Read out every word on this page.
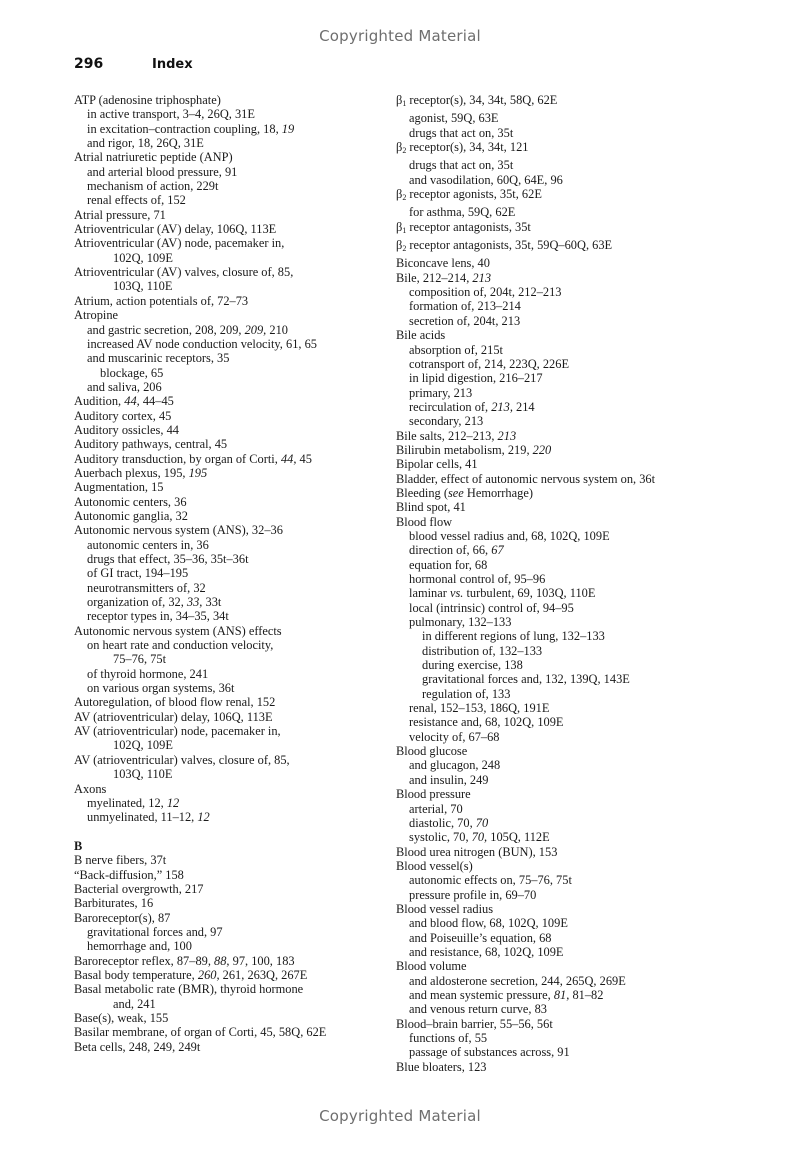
Copyrighted Material
296	Index
ATP (adenosine triphosphate)
in active transport, 3–4, 26Q, 31E
in excitation–contraction coupling, 18, 19
and rigor, 18, 26Q, 31E
Atrial natriuretic peptide (ANP)
and arterial blood pressure, 91
mechanism of action, 229t
renal effects of, 152
Atrial pressure, 71
Atrioventricular (AV) delay, 106Q, 113E
Atrioventricular (AV) node, pacemaker in,
102Q, 109E
Atrioventricular (AV) valves, closure of, 85,
103Q, 110E
Atrium, action potentials of, 72–73
Atropine
and gastric secretion, 208, 209, 209, 210
increased AV node conduction velocity, 61, 65
and muscarinic receptors, 35
blockage, 65
and saliva, 206
Audition, 44, 44–45
Auditory cortex, 45
Auditory ossicles, 44
Auditory pathways, central, 45
Auditory transduction, by organ of Corti, 44, 45
Auerbach plexus, 195, 195
Augmentation, 15
Autonomic centers, 36
Autonomic ganglia, 32
Autonomic nervous system (ANS), 32–36
autonomic centers in, 36
drugs that effect, 35–36, 35t–36t
of GI tract, 194–195
neurotransmitters of, 32
organization of, 32, 33, 33t
receptor types in, 34–35, 34t
Autonomic nervous system (ANS) effects
on heart rate and conduction velocity,
75–76, 75t
of thyroid hormone, 241
on various organ systems, 36t
Autoregulation, of blood flow renal, 152
AV (atrioventricular) delay, 106Q, 113E
AV (atrioventricular) node, pacemaker in,
102Q, 109E
AV (atrioventricular) valves, closure of, 85,
103Q, 110E
Axons
myelinated, 12, 12
unmyelinated, 11–12, 12
B
B nerve fibers, 37t
“Back-diffusion,” 158
Bacterial overgrowth, 217
Barbiturates, 16
Baroreceptor(s), 87
gravitational forces and, 97
hemorrhage and, 100
Baroreceptor reflex, 87–89, 88, 97, 100, 183
Basal body temperature, 260, 261, 263Q, 267E
Basal metabolic rate (BMR), thyroid hormone
and, 241
Base(s), weak, 155
Basilar membrane, of organ of Corti, 45, 58Q, 62E
Beta cells, 248, 249, 249t
$\beta_1$ receptor(s), 34, 34t, 58Q, 62E
agonist, 59Q, 63E
drugs that act on, 35t
$\beta_2$ receptor(s), 34, 34t, 121
drugs that act on, 35t
and vasodilation, 60Q, 64E, 96
$\beta_2$ receptor agonists, 35t, 62E
for asthma, 59Q, 62E
$\beta_1$ receptor antagonists, 35t
$\beta_2$ receptor antagonists, 35t, 59Q–60Q, 63E
Biconcave lens, 40
Bile, 212–214, 213
composition of, 204t, 212–213
formation of, 213–214
secretion of, 204t, 213
Bile acids
absorption of, 215t
cotransport of, 214, 223Q, 226E
in lipid digestion, 216–217
primary, 213
recirculation of, 213, 214
secondary, 213
Bile salts, 212–213, 213
Bilirubin metabolism, 219, 220
Bipolar cells, 41
Bladder, effect of autonomic nervous system on, 36t
Bleeding (see Hemorrhage)
Blind spot, 41
Blood flow
blood vessel radius and, 68, 102Q, 109E
direction of, 66, 67
equation for, 68
hormonal control of, 95–96
laminar vs. turbulent, 69, 103Q, 110E
local (intrinsic) control of, 94–95
pulmonary, 132–133
in different regions of lung, 132–133
distribution of, 132–133
during exercise, 138
gravitational forces and, 132, 139Q, 143E
regulation of, 133
renal, 152–153, 186Q, 191E
resistance and, 68, 102Q, 109E
velocity of, 67–68
Blood glucose
and glucagon, 248
and insulin, 249
Blood pressure
arterial, 70
diastolic, 70, 70
systolic, 70, 70, 105Q, 112E
Blood urea nitrogen (BUN), 153
Blood vessel(s)
autonomic effects on, 75–76, 75t
pressure profile in, 69–70
Blood vessel radius
and blood flow, 68, 102Q, 109E
and Poiseuille’s equation, 68
and resistance, 68, 102Q, 109E
Blood volume
and aldosterone secretion, 244, 265Q, 269E
and mean systemic pressure, 81, 81–82
and venous return curve, 83
Blood–brain barrier, 55–56, 56t
functions of, 55
passage of substances across, 91
Blue bloaters, 123
Copyrighted Material
